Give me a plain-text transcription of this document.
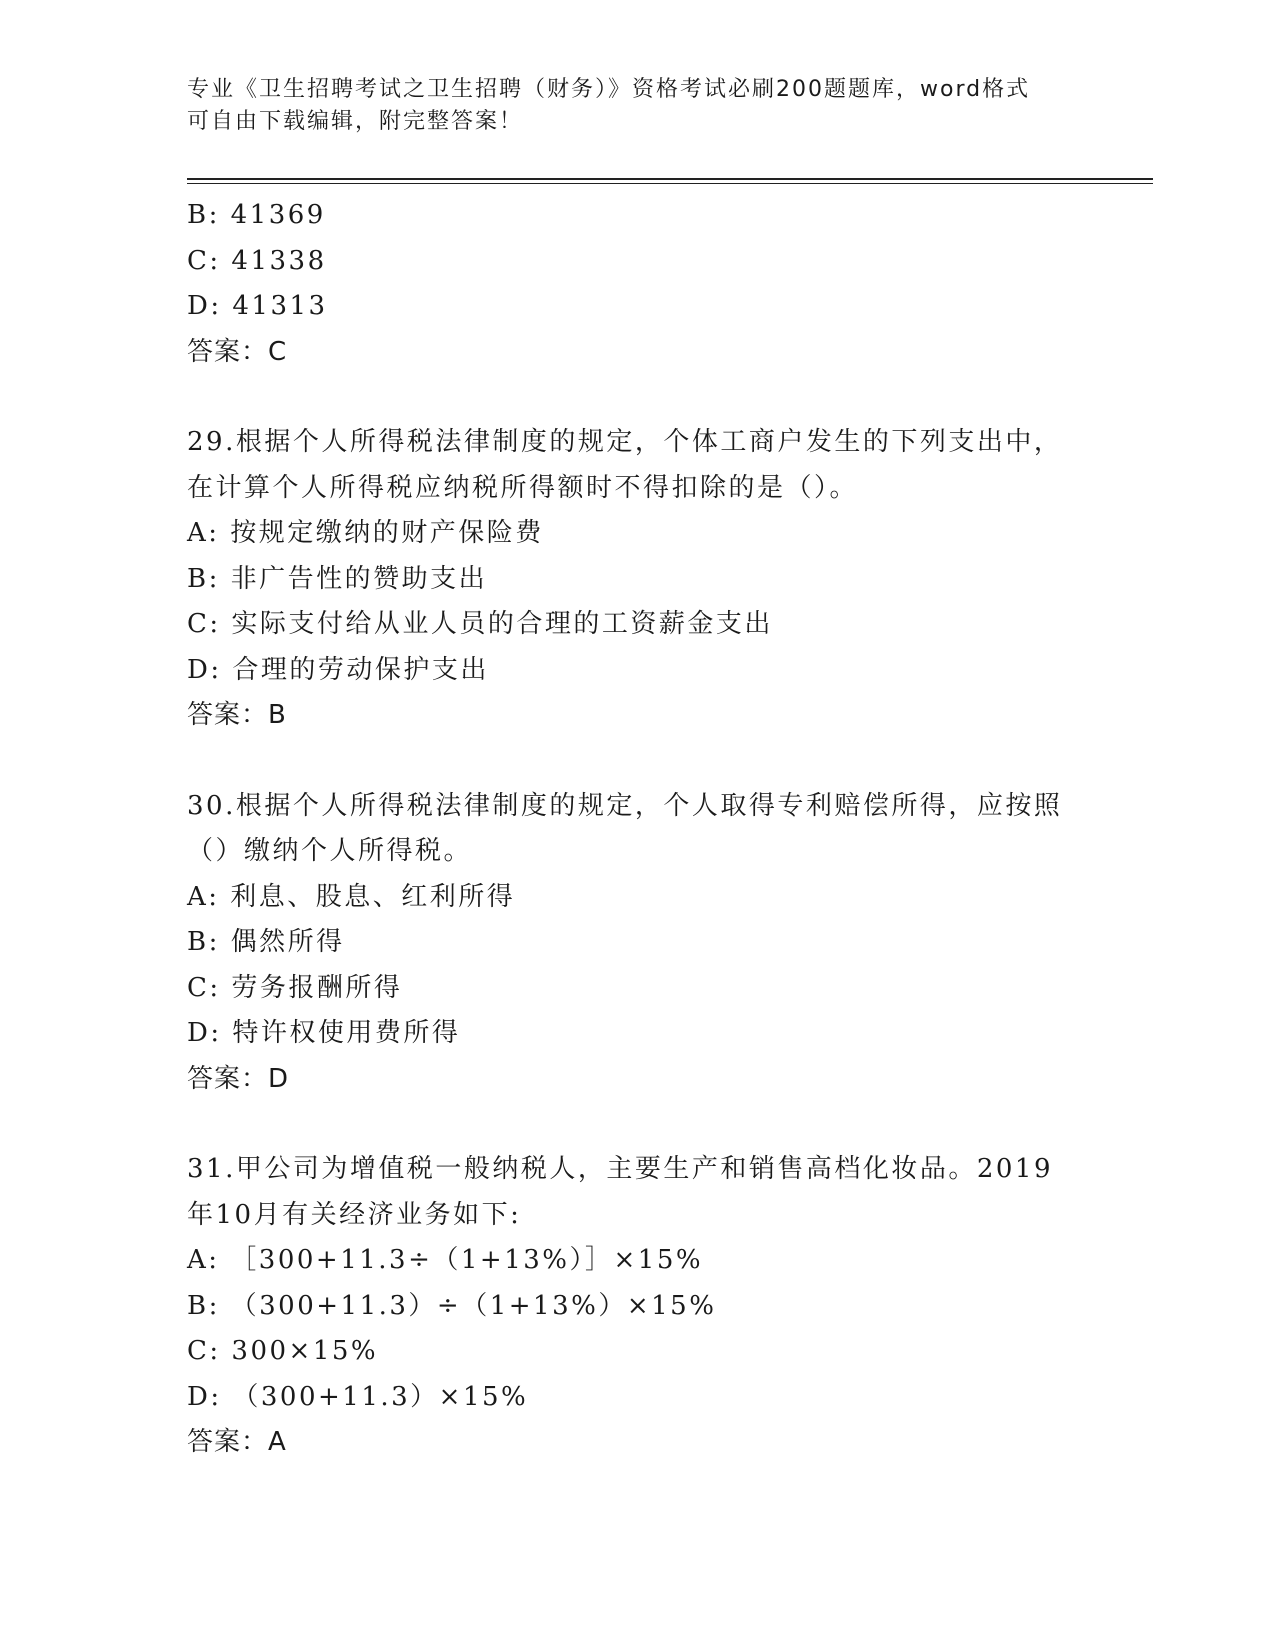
专业《卫生招聘考试之卫生招聘（财务）》资格考试必刷200题题库，word格式
可自由下载编辑，附完整答案！
B: 41369
C: 41338
D: 41313
答案：C
29.根据个人所得税法律制度的规定，个体工商户发生的下列支出中，
在计算个人所得税应纳税所得额时不得扣除的是（）。
A: 按规定缴纳的财产保险费
B: 非广告性的赞助支出
C: 实际支付给从业人员的合理的工资薪金支出
D: 合理的劳动保护支出
答案：B
30.根据个人所得税法律制度的规定，个人取得专利赔偿所得，应按照
（）缴纳个人所得税。
A: 利息、股息、红利所得
B: 偶然所得
C: 劳务报酬所得
D: 特许权使用费所得
答案：D
31.甲公司为增值税一般纳税人，主要生产和销售高档化妆品。2019
年10月有关经济业务如下:
A: ［300+11.3÷（1+13%）］×15%
B: （300+11.3）÷（1+13%）×15%
C: 300×15%
D: （300+11.3）×15%
答案：A
